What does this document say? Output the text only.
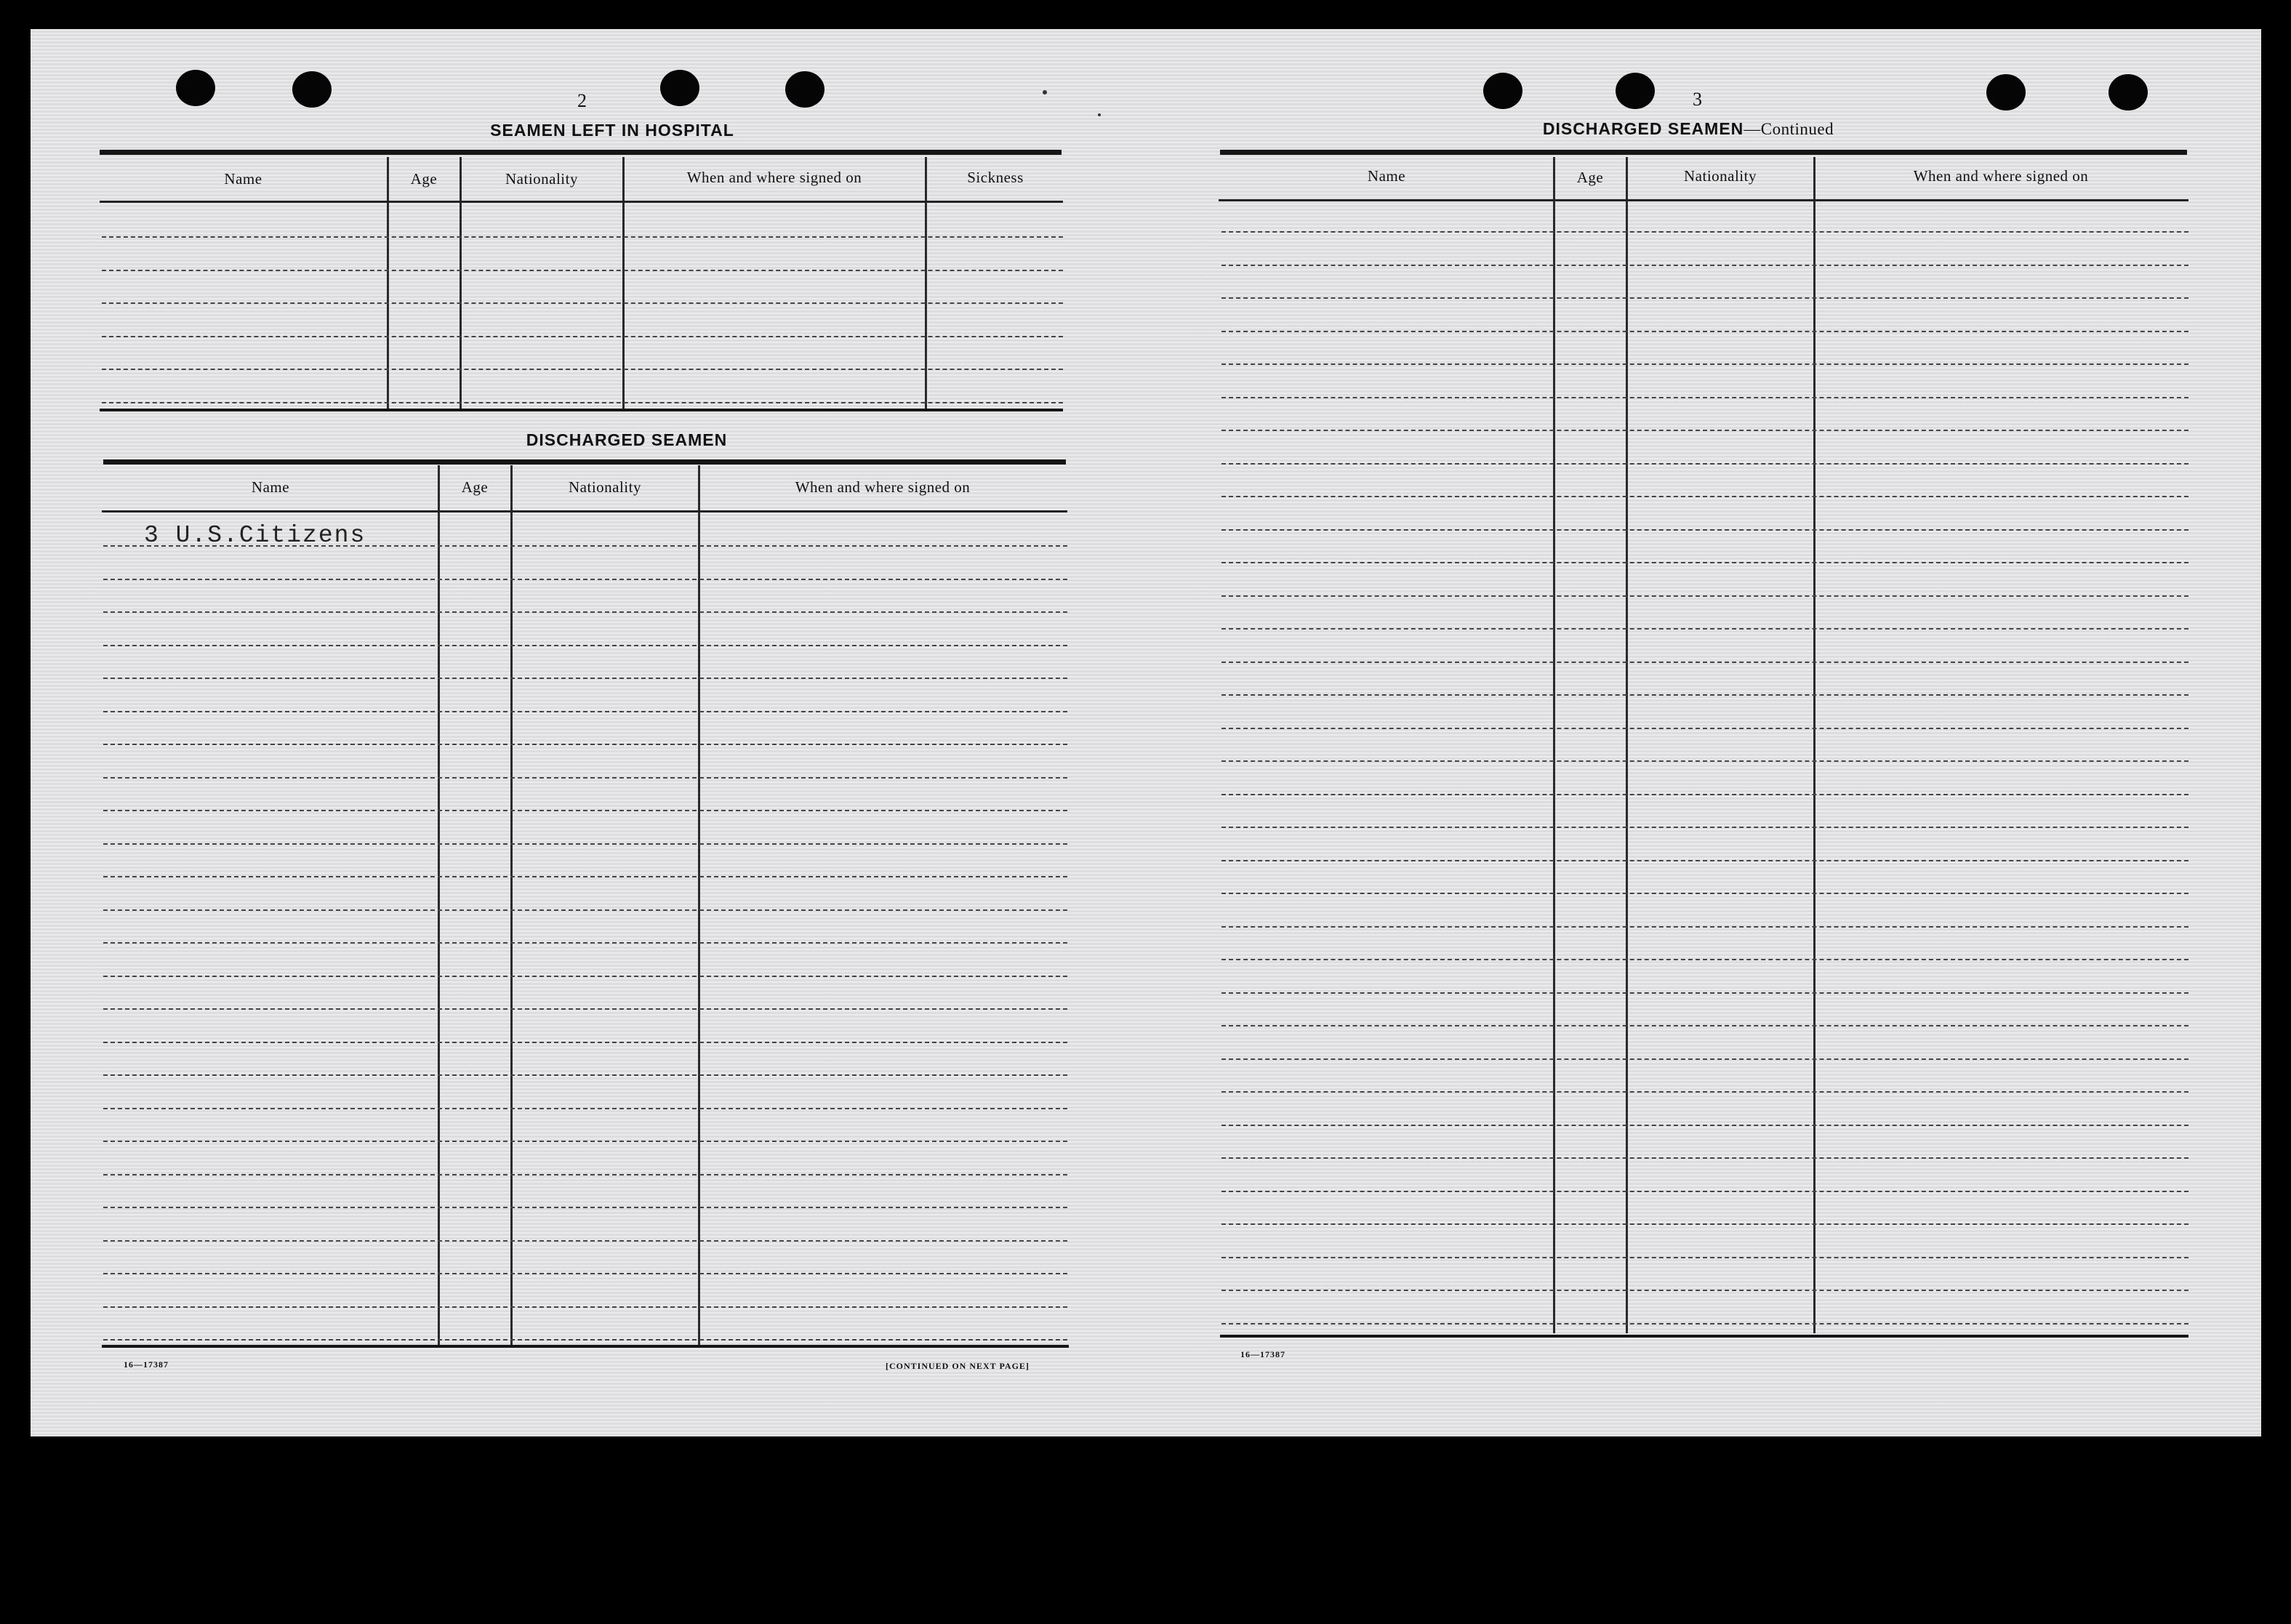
2
SEAMEN LEFT IN HOSPITAL
Name	Age	Nationality	When and where signed on	Sickness
DISCHARGED SEAMEN
Name	Age	Nationality	When and where signed on
3 U.S.Citizens
16—17387	[CONTINUED ON NEXT PAGE]
3
DISCHARGED SEAMEN—Continued
Name	Age	Nationality	When and where signed on
16—17387
